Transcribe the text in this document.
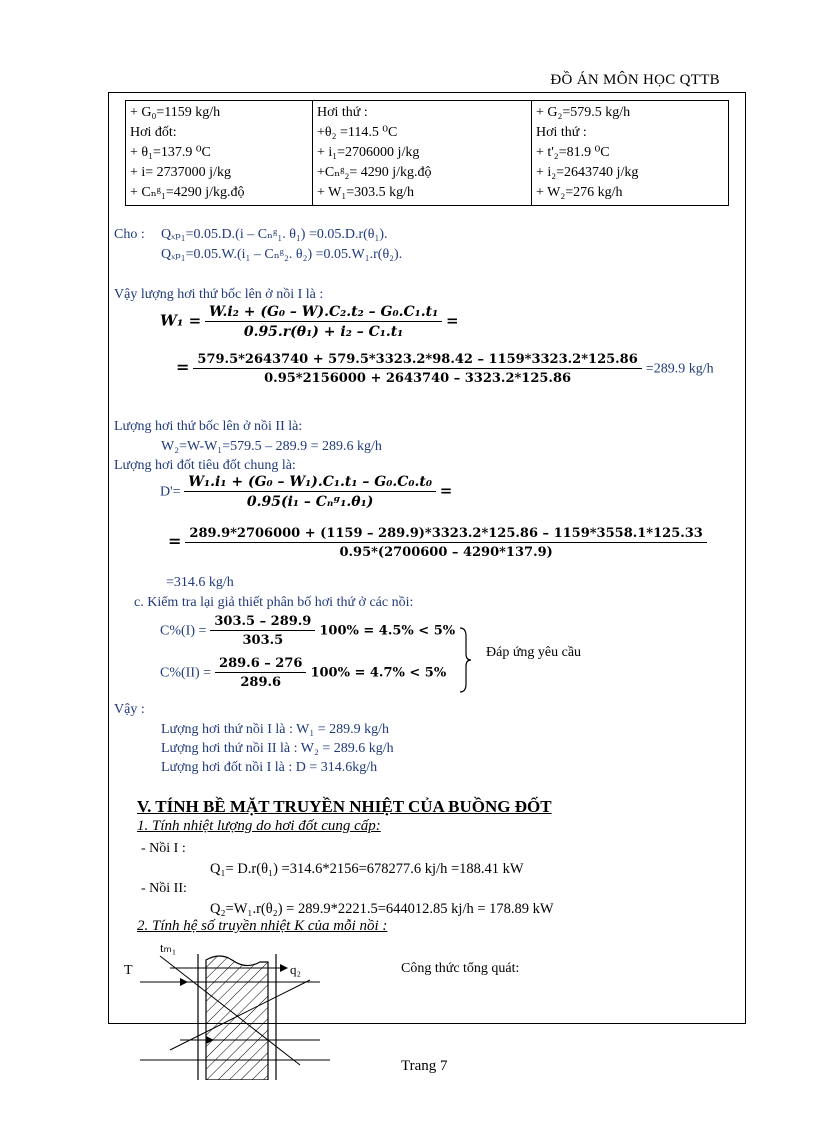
ĐỒ ÁN MÔN HỌC QTTB
+ G₀=1159 kg/h
Hơi đốt:
+ θ₁=137.9 ⁰C
+ i= 2737000 j/kg
+ Cₙᵍ₁=4290 j/kg.độ

Hơi thứ :
+θ₂ =114.5 ⁰C
+ i₁=2706000 j/kg
+Cₙᵍ₂= 4290 j/kg.độ
+ W₁=303.5 kg/h

+ G₂=579.5 kg/h
Hơi thứ :
+ t'₂=81.9 ⁰C
+ i₂=2643740 j/kg
+ W₂=276 kg/h
Cho : Qₓₚ₁=0.05.D.(i – Cₙᵍ₁. θ₁) =0.05.D.r(θ₁).
Qₓₚ₁=0.05.W.(i₁ – Cₙᵍ₂. θ₂) =0.05.W₁.r(θ₂).
Vậy lượng hơi thứ bốc lên ở nồi I là :
$W_1 = \frac{\text{W.i₂ + (G₀ – W).C₂.t₂ – G₀.C₁.t₁}}{\text{0.95.r(θ₁) + i₂ – C₁.t₁}}$ =
= $\frac{579.5*2643740 + 579.5*3323.2*98.42 - 1159*3323.2*125.86}{0.95*2156000 + 2643740 - 3323.2*125.86} =289.9$ kg/h
Lượng hơi thứ bốc lên ở nồi II là:
W₂=W-W₁=579.5 – 289.9 = 289.6 kg/h
Lượng hơi đốt tiêu đốt chung là:
$D'= \frac{\text{W₁.i₁ + (G₀ – W₁).C₁.t₁ – G₀.C₀.t₀}}{\text{0.95(i₁ – Cₙᵍ₁.θ₁)}}$ =
= 289.9*2706000 + (1159 – 289.9)*3323.2*125.86 – 1159*3558.1*125.33
0.95*(2700600 – 4290*137.9)
=314.6 kg/h
c. Kiểm tra lại giả thiết phân bố hơi thứ ở các nồi:
$C\%(I) = \frac{303.5 - 289.9}{303.5} 100\% = 4.5\% < 5\%$
$C\%(II) = \frac{289.6 - 276}{289.6} 100\% = 4.7\% < 5\%$
Đáp ứng yêu cầu
Vậy :
Lượng hơi thứ nồi I là : W₁ = 289.9 kg/h
Lượng hơi thứ nồi II là : W₂ = 289.6 kg/h
Lượng hơi đốt nồi I là : D = 314.6kg/h
V. TÍNH BỀ MẶT TRUYỀN NHIỆT CỦA BUỒNG ĐỐT
1. Tính nhiệt lượng do hơi đốt cung cấp:
- Nồi I :
Q₁= D.r(θ₁) =314.6*2156=678277.6 kj/h =188.41 kW
- Nồi II:
Q₂=W₁.r(θ₂) = 289.9*2221.5=644012.85 kj/h = 178.89 kW
2. Tính hệ số truyền nhiệt K của mỗi nồi :
Công thức tổng quát:
T
tₘ₁
q₂
Trang 7
